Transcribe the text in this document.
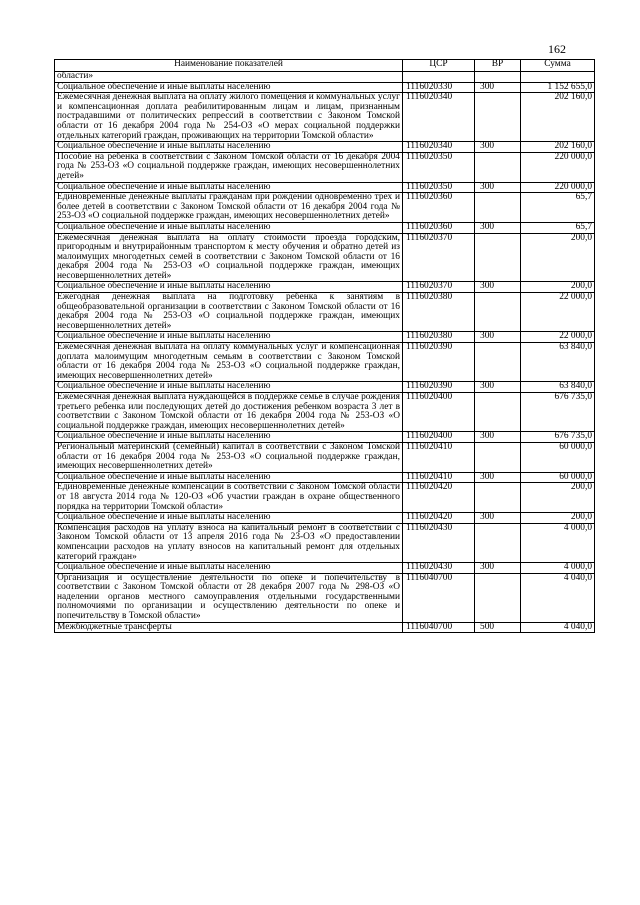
162
Наименование показателей	ЦСР	ВР	Сумма
области»			
Социальное обеспечение и иные выплаты населению	1116020330	300	1 152 655,0
Ежемесячная денежная выплата на оплату жилого помещения и коммунальных услуг и компенсационная доплата реабилитированным лицам и лицам, признанным пострадавшими от политических репрессий в соответствии с Законом Томской области от 16 декабря 2004 года № 254-ОЗ «О мерах социальной поддержки отдельных категорий граждан, проживающих на территории Томской области»	1116020340		202 160,0
Социальное обеспечение и иные выплаты населению	1116020340	300	202 160,0
Пособие на ребенка в соответствии с Законом Томской области от 16 декабря 2004 года № 253-ОЗ «О социальной поддержке граждан, имеющих несовершеннолетних детей»	1116020350		220 000,0
Социальное обеспечение и иные выплаты населению	1116020350	300	220 000,0
Единовременные денежные выплаты гражданам при рождении одновременно трех и более детей в соответствии с Законом Томской области от 16 декабря 2004 года № 253-ОЗ «О социальной поддержке граждан, имеющих несовершеннолетних детей»	1116020360		65,7
Социальное обеспечение и иные выплаты населению	1116020360	300	65,7
Ежемесячная денежная выплата на оплату стоимости проезда городским, пригородным и внутрирайонным транспортом к месту обучения и обратно детей из малоимущих многодетных семей в соответствии с Законом Томской области от 16 декабря 2004 года № 253-ОЗ «О социальной поддержке граждан, имеющих несовершеннолетних детей»	1116020370		200,0
Социальное обеспечение и иные выплаты населению	1116020370	300	200,0
Ежегодная денежная выплата на подготовку ребенка к занятиям в общеобразовательной организации в соответствии с Законом Томской области от 16 декабря 2004 года № 253-ОЗ «О социальной поддержке граждан, имеющих несовершеннолетних детей»	1116020380		22 000,0
Социальное обеспечение и иные выплаты населению	1116020380	300	22 000,0
Ежемесячная денежная выплата на оплату коммунальных услуг и компенсационная доплата малоимущим многодетным семьям в соответствии с Законом Томской области от 16 декабря 2004 года № 253-ОЗ «О социальной поддержке граждан, имеющих несовершеннолетних детей»	1116020390		63 840,0
Социальное обеспечение и иные выплаты населению	1116020390	300	63 840,0
Ежемесячная денежная выплата нуждающейся в поддержке семье в случае рождения третьего ребенка или последующих детей до достижения ребенком возраста 3 лет в соответствии с Законом Томской области от 16 декабря 2004 года № 253-ОЗ «О социальной поддержке граждан, имеющих несовершеннолетних детей»	1116020400		676 735,0
Социальное обеспечение и иные выплаты населению	1116020400	300	676 735,0
Региональный материнский (семейный) капитал в соответствии с Законом Томской области от 16 декабря 2004 года № 253-ОЗ «О социальной поддержке граждан, имеющих несовершеннолетних детей»	1116020410		60 000,0
Социальное обеспечение и иные выплаты населению	1116020410	300	60 000,0
Единовременные денежные компенсации в соответствии с Законом Томской области от 18 августа 2014 года № 120-ОЗ «Об участии граждан в охране общественного порядка на территории Томской области»	1116020420		200,0
Социальное обеспечение и иные выплаты населению	1116020420	300	200,0
Компенсация расходов на уплату взноса на капитальный ремонт в соответствии с Законом Томской области от 13 апреля 2016 года № 23-ОЗ «О предоставлении компенсации расходов на уплату взносов на капитальный ремонт для отдельных категорий граждан»	1116020430		4 000,0
Социальное обеспечение и иные выплаты населению	1116020430	300	4 000,0
Организация и осуществление деятельности по опеке и попечительству в соответствии с Законом Томской области от 28 декабря 2007 года № 298-ОЗ «О наделении органов местного самоуправления отдельными государственными полномочиями по организации и осуществлению деятельности по опеке и попечительству в Томской области»	1116040700		4 040,0
Межбюджетные трансферты	1116040700	500	4 040,0
